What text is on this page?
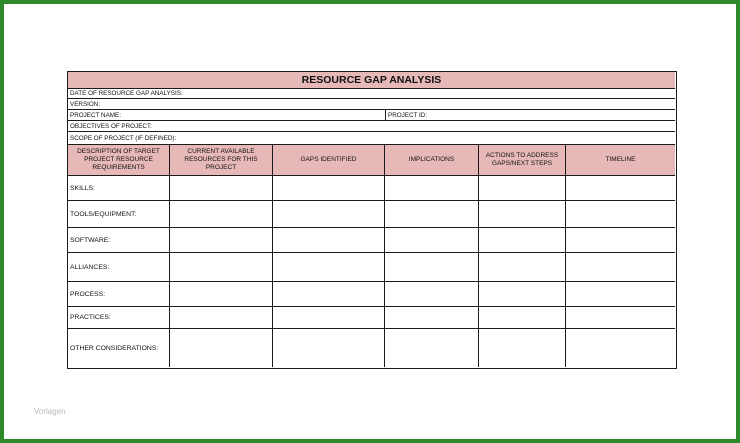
RESOURCE GAP ANALYSIS
DATE OF RESOURCE GAP ANALYSIS:
VERSION:
PROJECT NAME:	PROJECT ID:
OBJECTIVES OF PROJECT:
SCOPE OF PROJECT (IF DEFINED):
DESCRIPTION OF TARGET PROJECT RESOURCE REQUIREMENTS
CURRENT AVAILABLE RESOURCES FOR THIS PROJECT
GAPS IDENTIFIED	IMPLICATIONS
ACTIONS TO ADDRESS GAPS/NEXT STEPS
TIMELINE
SKILLS:
TOOLS/EQUIPMENT:
SOFTWARE:
ALLIANCES:
PROCESS:
PRACTICES:
OTHER CONSIDERATIONS:
Vorlagen
